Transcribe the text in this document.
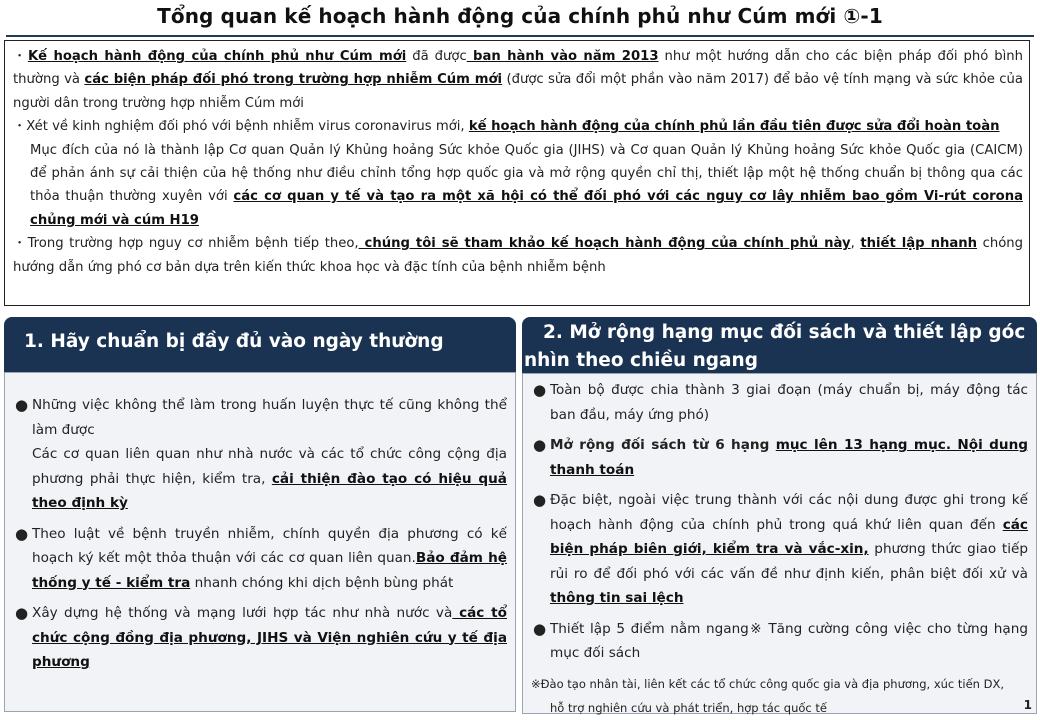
Tổng quan kế hoạch hành động của chính phủ như Cúm mới ①-1

・Kế hoạch hành động của chính phủ như Cúm mới đã được ban hành vào năm 2013 như một hướng dẫn cho các biện pháp đối phó bình thường và các biện pháp đối phó trong trường hợp nhiễm Cúm mới (được sửa đổi một phần vào năm 2017) để bảo vệ tính mạng và sức khỏe của người dân trong trường hợp nhiễm Cúm mới

・Xét về kinh nghiệm đối phó với bệnh nhiễm virus coronavirus mới, kế hoạch hành động của chính phủ lần đầu tiên được sửa đổi hoàn toàn

Mục đích của nó là thành lập Cơ quan Quản lý Khủng hoảng Sức khỏe Quốc gia (JIHS) và Cơ quan Quản lý Khủng hoảng Sức khỏe Quốc gia (CAICM) để phản ánh sự cải thiện của hệ thống như điều chỉnh tổng hợp quốc gia và mở rộng quyền chỉ thị, thiết lập một hệ thống chuẩn bị thông qua các thỏa thuận thường xuyên với các cơ quan y tế và tạo ra một xã hội có thể đối phó với các nguy cơ lây nhiễm bao gồm Vi-rút corona chủng mới và cúm H19

・Trong trường hợp nguy cơ nhiễm bệnh tiếp theo, chúng tôi sẽ tham khảo kế hoạch hành động của chính phủ này, thiết lập nhanh chóng hướng dẫn ứng phó cơ bản dựa trên kiến thức khoa học và đặc tính của bệnh nhiễm bệnh

1. Hãy chuẩn bị đầy đủ vào ngày thường
● Những việc không thể làm trong huấn luyện thực tế cũng không thể làm được
Các cơ quan liên quan như nhà nước và các tổ chức công cộng địa phương phải thực hiện, kiểm tra, cải thiện đào tạo có hiệu quả theo định kỳ
● Theo luật về bệnh truyền nhiễm, chính quyền địa phương có kế hoạch ký kết một thỏa thuận với các cơ quan liên quan.Bảo đảm hệ thống y tế - kiểm tra nhanh chóng khi dịch bệnh bùng phát
● Xây dựng hệ thống và mạng lưới hợp tác như nhà nước và các tổ chức cộng đồng địa phương, JIHS và Viện nghiên cứu y tế địa phương
2. Mở rộng hạng mục đối sách và thiết lập góc
nhìn theo chiều ngang
● Toàn bộ được chia thành 3 giai đoạn (máy chuẩn bị, máy động tác ban đầu, máy ứng phó)
● Mở rộng đối sách từ 6 hạng mục lên 13 hạng mục. Nội dung thanh toán
● Đặc biệt, ngoài việc trung thành với các nội dung được ghi trong kế hoạch hành động của chính phủ trong quá khứ liên quan đến các biện pháp biên giới, kiểm tra và vắc-xin, phương thức giao tiếp rủi ro để đối phó với các vấn đề như định kiến, phân biệt đối xử và thông tin sai lệch
● Thiết lập 5 điểm nằm ngang※ Tăng cường công việc cho từng hạng mục đối sách

※Đào tạo nhân tài, liên kết các tổ chức công quốc gia và địa phương, xúc tiến DX,

hỗ trợ nghiên cứu và phát triển, hợp tác quốc tế	1
